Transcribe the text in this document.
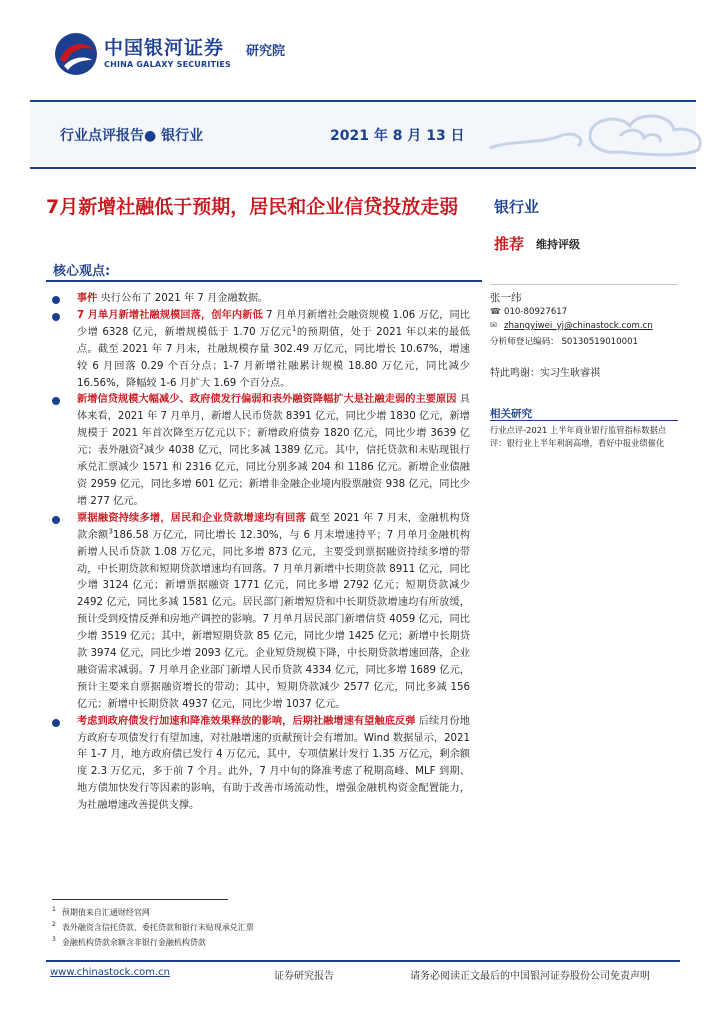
中国银河证券 研究院
CHINA GALAXY SECURITIES
行业点评报告● 银行业	2021 年 8 月 13 日
7月新增社融低于预期，居民和企业信贷投放走弱	银行业
推荐 维持评级
核心观点:
事件 央行公布了 2021 年 7 月金融数据。
7 月单月新增社融规模回落，创年内新低 7 月单月新增社会融资规模 1.06 万亿，同比少增 6328 亿元，新增规模低于 1.70 万亿元$^1$的预期值，处于 2021 年以来的最低点。截至 2021 年 7 月末，社融规模存量 302.49 万亿元，同比增长 10.67%，增速较 6 月回落 0.29 个百分点；1-7 月新增社融累计规模 18.80 万亿元，同比减少 16.56%，降幅较 1-6 月扩大 1.69 个百分点。
新增信贷规模大幅减少、政府债发行偏弱和表外融资降幅扩大是社融走弱的主要原因 具体来看，2021 年 7 月单月，新增人民币贷款 8391 亿元，同比少增 1830 亿元，新增规模于 2021 年首次降至万亿元以下；新增政府债券 1820 亿元，同比少增 3639 亿元；表外融资$^2$减少 4038 亿元，同比多减 1389 亿元。其中，信托贷款和未贴现银行承兑汇票减少 1571 和 2316 亿元，同比分别多减 204 和 1186 亿元。新增企业债融资 2959 亿元，同比多增 601 亿元；新增非金融企业境内股票融资 938 亿元，同比少增 277 亿元。
票据融资持续多增，居民和企业贷款增速均有回落 截至 2021 年 7 月末，金融机构贷款余额$^3$186.58 万亿元，同比增长 12.30%，与 6 月末增速持平；7 月单月金融机构新增人民币贷款 1.08 万亿元，同比多增 873 亿元，主要受到票据融资持续多增的带动，中长期贷款和短期贷款增速均有回落。7 月单月新增中长期贷款 8911 亿元，同比少增 3124 亿元；新增票据融资 1771 亿元，同比多增 2792 亿元；短期贷款减少 2492 亿元，同比多减 1581 亿元。居民部门新增短贷和中长期贷款增速均有所放缓，预计受到疫情反弹和房地产调控的影响。7 月单月居民部门新增信贷 4059 亿元，同比少增 3519 亿元；其中，新增短期贷款 85 亿元，同比少增 1425 亿元；新增中长期贷款 3974 亿元，同比少增 2093 亿元。企业短贷规模下降，中长期贷款增速回落，企业融资需求减弱。7 月单月企业部门新增人民币贷款 4334 亿元，同比多增 1689 亿元，预计主要来自票据融资增长的带动；其中，短期贷款减少 2577 亿元，同比多减 156 亿元；新增中长期贷款 4937 亿元，同比少增 1037 亿元。
考虑到政府债发行加速和降准效果释放的影响，后期社融增速有望触底反弹 后续月份地方政府专项债发行有望加速，对社融增速的贡献预计会有增加。Wind 数据显示，2021 年 1-7 月，地方政府债已发行 4 万亿元，其中，专项债累计发行 1.35 万亿元，剩余额度 2.3 万亿元，多于前 7 个月。此外，7 月中旬的降准考虑了税期高峰、MLF 到期、地方债加快发行等因素的影响，有助于改善市场流动性，增强金融机构资金配置能力，为社融增速改善提供支撑。
张一纬
☎ 010-80927617
✉ zhangyiwei_yj@chinastock.com.cn
分析师登记编码： S0130519010001
特此鸣谢：实习生耿睿祺
相关研究
行业点评-2021 上半年商业银行监管指标数据点评：银行业上半年利润高增，看好中报业绩催化
$^1$ 预期值来自汇通财经官网
$^2$ 表外融资含信托贷款、委托贷款和银行未贴现承兑汇票
$^3$ 金融机构贷款余额含非银行金融机构贷款
www.chinastock.com.cn	证券研究报告	请务必阅读正文最后的中国银河证券股份公司免责声明
